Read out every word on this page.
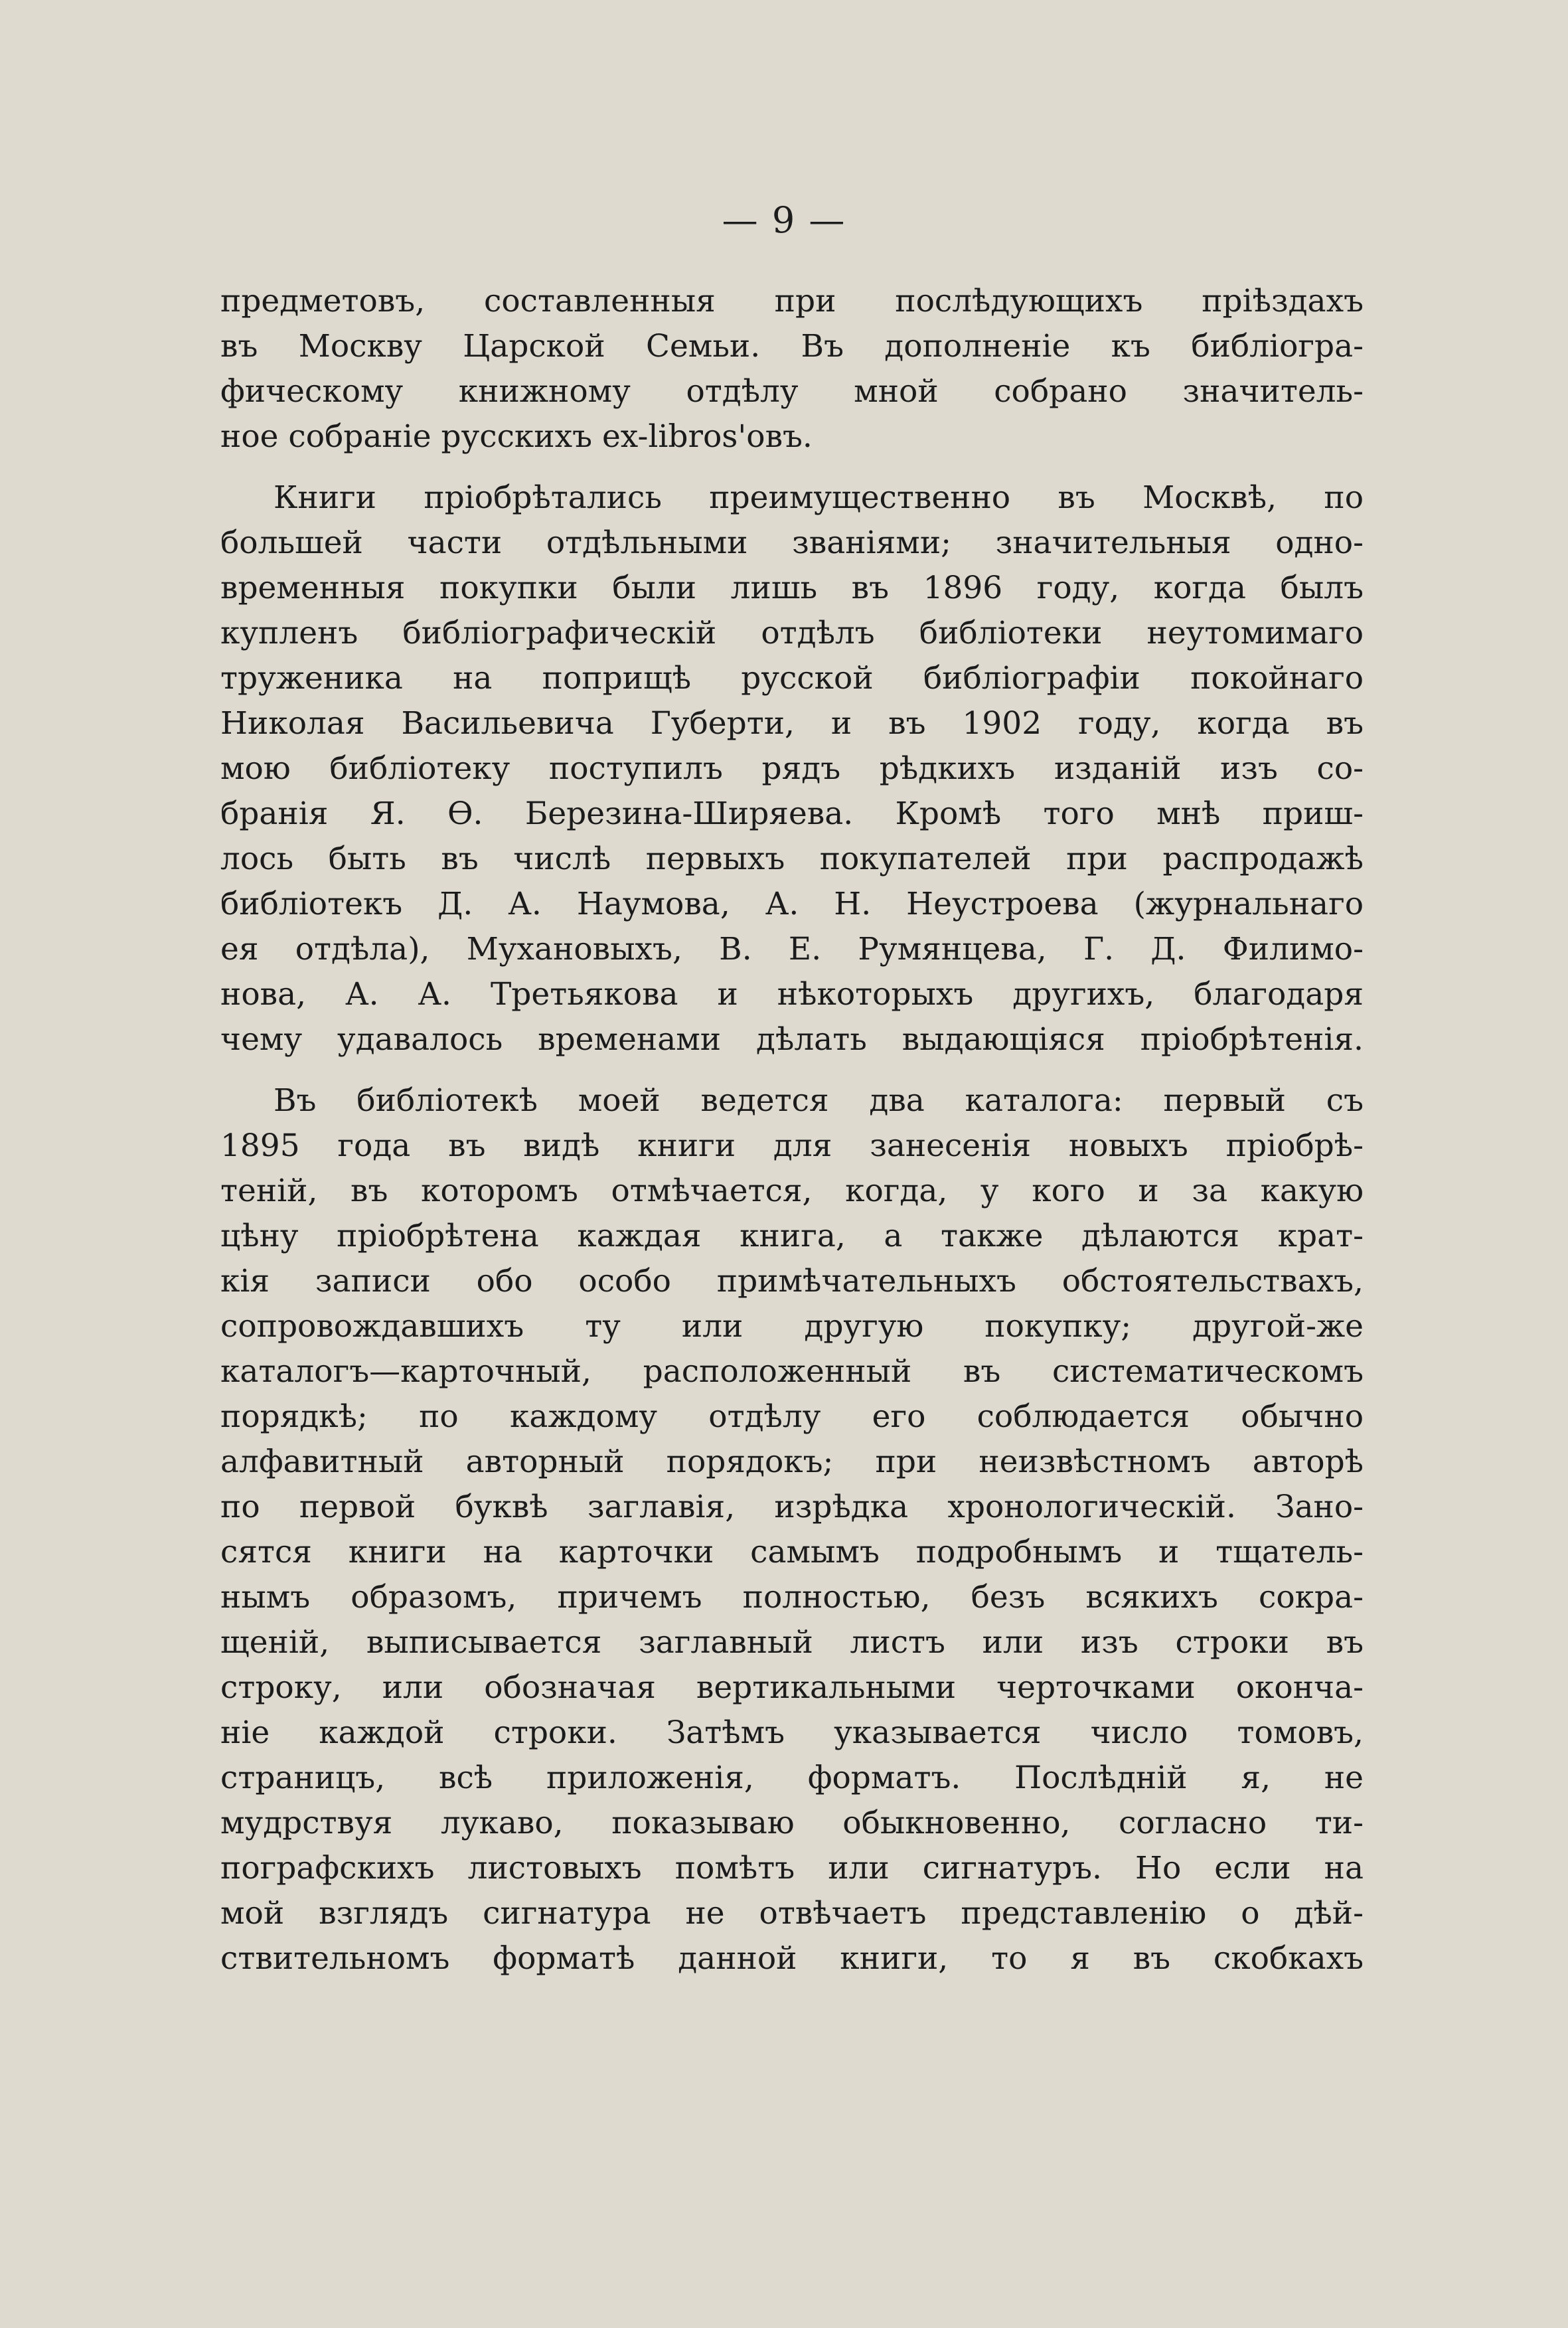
— 9 —
предметовъ, составленныя при послѣдующихъ пріѣздахъ
въ Москву Царской Семьи. Въ дополненіе къ библіогра-
фическому книжному отдѣлу мной собрано значитель-
ное собраніе русскихъ ex-libros'овъ.
Книги пріобрѣтались преимущественно въ Москвѣ, по
большей части отдѣльными званіями; значительныя одно-
временныя покупки были лишь въ 1896 году, когда былъ
купленъ библіографическій отдѣлъ библіотеки неутомимаго
труженика на поприщѣ русской библіографіи покойнаго
Николая Васильевича Губерти, и въ 1902 году, когда въ
мою библіотеку поступилъ рядъ рѣдкихъ изданій изъ со-
бранія Я. Ѳ. Березина-Ширяева. Кромѣ того мнѣ приш-
лось быть въ числѣ первыхъ покупателей при распродажѣ
библіотекъ Д. А. Наумова, А. Н. Неустроева (журнальнаго
ея отдѣла), Мухановыхъ, В. Е. Румянцева, Г. Д. Филимо-
нова, А. А. Третьякова и нѣкоторыхъ другихъ, благодаря
чему удавалось временами дѣлать выдающіяся пріобрѣтенія.
Въ библіотекѣ моей ведется два каталога: первый съ
1895 года въ видѣ книги для занесенія новыхъ пріобрѣ-
теній, въ которомъ отмѣчается, когда, у кого и за какую
цѣну пріобрѣтена каждая книга, а также дѣлаются крат-
кія записи обо особо примѣчательныхъ обстоятельствахъ,
сопровождавшихъ ту или другую покупку; другой-же
каталогъ—карточный, расположенный въ систематическомъ
порядкѣ; по каждому отдѣлу его соблюдается обычно
алфавитный авторный порядокъ; при неизвѣстномъ авторѣ
по первой буквѣ заглавія, изрѣдка хронологическій. Зано-
сятся книги на карточки самымъ подробнымъ и тщатель-
нымъ образомъ, причемъ полностью, безъ всякихъ сокра-
щеній, выписывается заглавный листъ или изъ строки въ
строку, или обозначая вертикальными черточками оконча-
ніе каждой строки. Затѣмъ указывается число томовъ,
страницъ, всѣ приложенія, форматъ. Послѣдній я, не
мудрствуя лукаво, показываю обыкновенно, согласно ти-
пографскихъ листовыхъ помѣтъ или сигнатуръ. Но если на
мой взглядъ сигнатура не отвѣчаетъ представленію о дѣй-
ствительномъ форматѣ данной книги, то я въ скобкахъ
